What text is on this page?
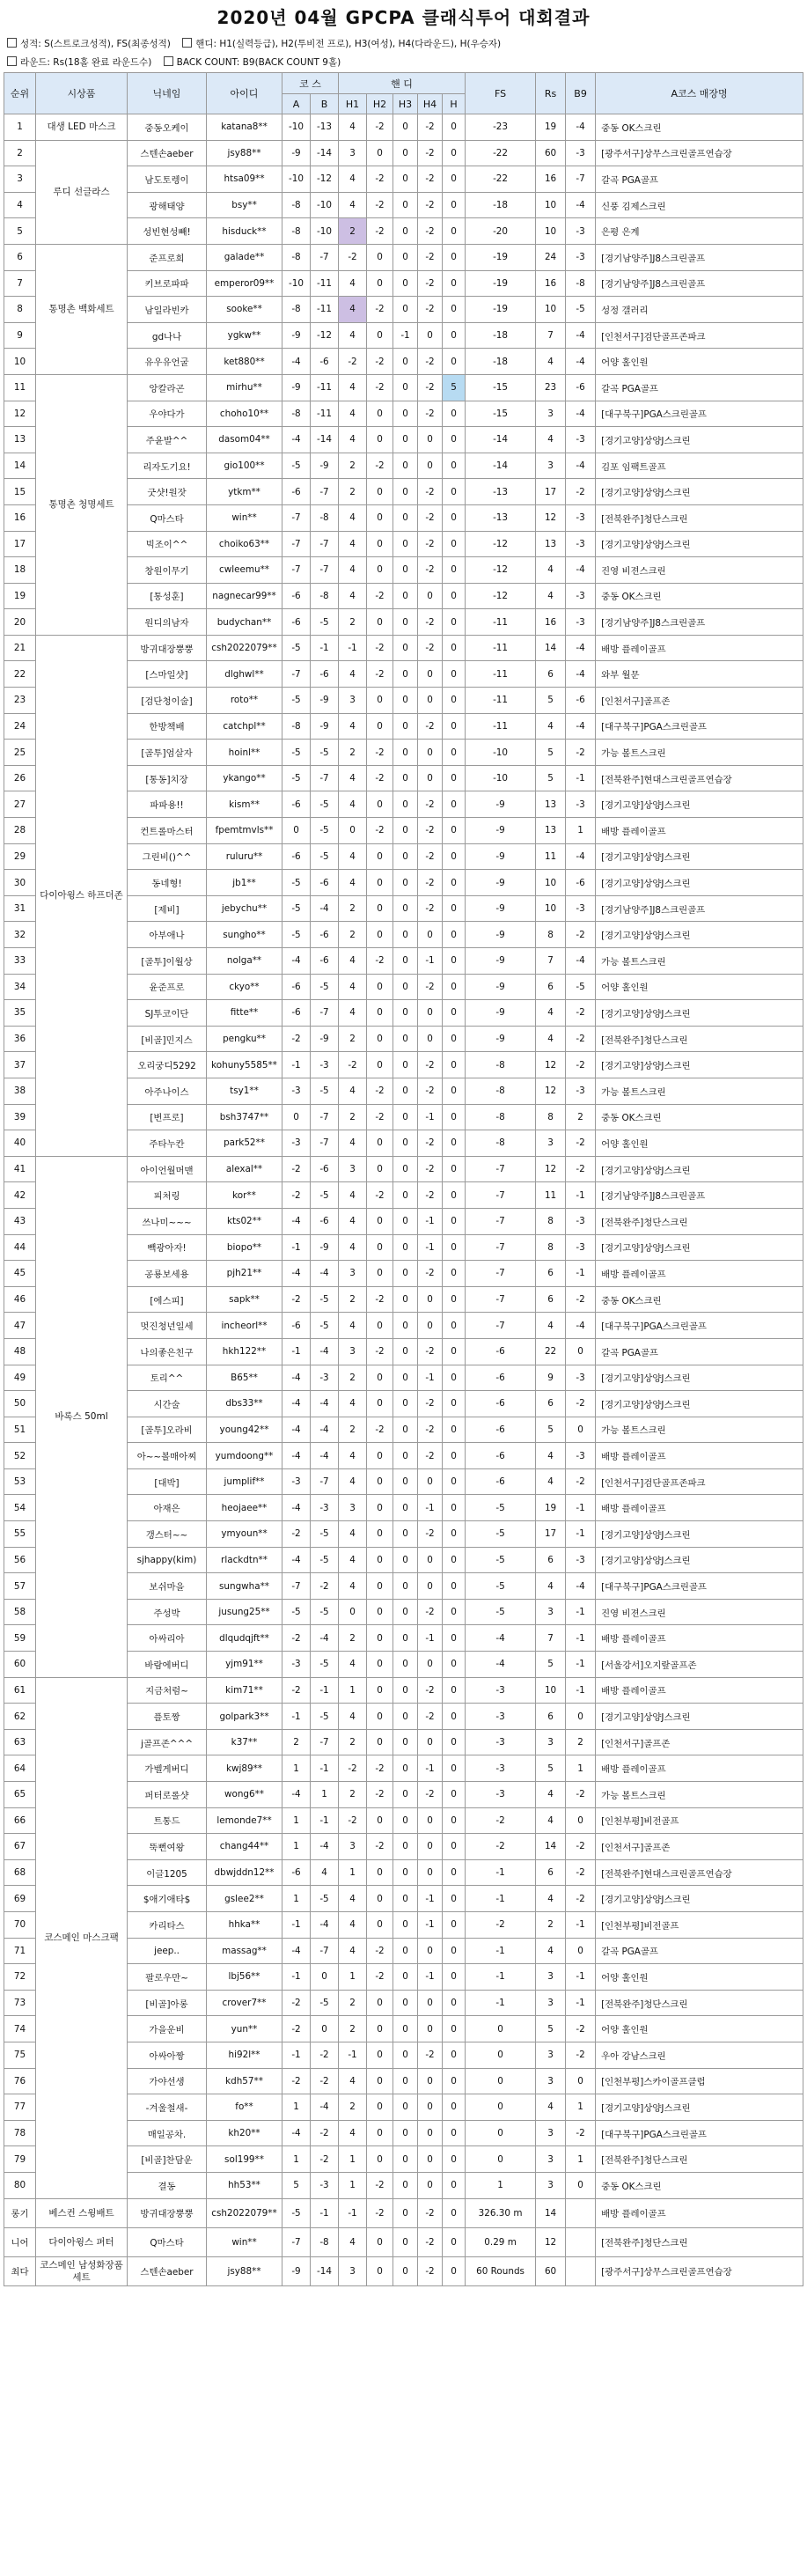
2020년 04월 GPCPA 클래식투어 대회결과
성적: S(스트로크성적), FS(최종성적)	핸디: H1(실력등급), H2(투비전 프로), H3(여성), H4(다라운드), H(우승자)
라운드: Rs(18홀 완료 라운드수)	BACK COUNT: B9(BACK COUNT 9홀)
순위	시상품	닉네임	아이디	코 스		핸 디					FS	Rs	B9	A코스 매장명
				A	B	H1	H2	H3	H4	H				
1	대생 LED 마스크	중동오케이	katana8**	-10	-13	4	-2	0	-2	0	-23	19	-4	중동 OK스크린
2	루디 선글라스	스텐손aeber	jsy88**	-9	-14	3	0	0	-2	0	-22	60	-3	[광주서구]상무스크린골프연습장
3		남도토렝이	htsa09**	-10	-12	4	-2	0	-2	0	-22	16	-7	갈곡 PGA골프
4		광해태양	bsy**	-8	-10	4	-2	0	-2	0	-18	10	-4	신풍 김제스크린
5		성빈현성빼!	hisduck**	-8	-10	2	-2	0	-2	0	-20	10	-3	은평 은계
6	통명촌 백화세트	준프로희	galade**	-8	-7	-2	0	0	-2	0	-19	24	-3	[경기남양주]J8스크린골프
7		키브로파파	emperor09**	-10	-11	4	0	0	-2	0	-19	16	-8	[경기남양주]J8스크린골프
8		남일라빈카	sooke**	-8	-11	4	-2	0	-2	0	-19	10	-5	성정 갤러리
9		gd나나	ygkw**	-9	-12	4	0	-1	0	0	-18	7	-4	[인천서구]검단골프존파크
10		유우유언굴	ket880**	-4	-6	-2	-2	0	-2	0	-18	4	-4	어양 홀인원
11	통명촌 청명세트	앙칼라곤	mirhu**	-9	-11	4	-2	0	-2	5	-15	23	-6	갈곡 PGA골프
12		우야다가	choho10**	-8	-11	4	0	0	-2	0	-15	3	-4	[대구북구]PGA스크린골프
13		주윤발^^	dasom04**	-4	-14	4	0	0	0	0	-14	4	-3	[경기고양]상양J스크린
14		리자도기요!	gio100**	-5	-9	2	-2	0	0	0	-14	3	-4	김포 임팩트골프
15		굿샷!원잣	ytkm**	-6	-7	2	0	0	-2	0	-13	17	-2	[경기고양]상양J스크린
16		Q마스타	win**	-7	-8	4	0	0	-2	0	-13	12	-3	[전북완주]청단스크린
17		빅조이^^	choiko63**	-7	-7	4	0	0	-2	0	-12	13	-3	[경기고양]상양J스크린
18		창원이무기	cwleemu**	-7	-7	4	0	0	-2	0	-12	4	-4	진영 비젼스크린
19		[통성훈]	nagnecar99**	-6	-8	4	-2	0	0	0	-12	4	-3	중동 OK스크린
20		원디의남자	budychan**	-6	-5	2	0	0	-2	0	-11	16	-3	[경기남양주]J8스크린골프
21	다이아윙스 하프더존	방귀대장뿡뿡	csh2022079**	-5	-1	-1	-2	0	-2	0	-11	14	-4	배방 플레이골프
22		[스마일샷]	dlghwl**	-7	-6	4	-2	0	0	0	-11	6	-4	와부 월문
23		[검단청이술]	roto**	-5	-9	3	0	0	0	0	-11	5	-6	[인천서구]골프존
24		한방책배	catchpl**	-8	-9	4	0	0	-2	0	-11	4	-4	[대구북구]PGA스크린골프
25		[골투]엄살자	hoinl**	-5	-5	2	-2	0	0	0	-10	5	-2	가능 볼트스크린
26		[통동]치장	ykango**	-5	-7	4	-2	0	0	0	-10	5	-1	[전북완주]현대스크린골프연습장
27		파파용!!	kism**	-6	-5	4	0	0	-2	0	-9	13	-3	[경기고양]상양J스크린
28		컨트롤마스터	fpemtmvls**	0	-5	0	-2	0	-2	0	-9	13	1	배방 플레이골프
29		그린비()^^	ruluru**	-6	-5	4	0	0	-2	0	-9	11	-4	[경기고양]상양J스크린
30		동네형!	jb1**	-5	-6	4	0	0	-2	0	-9	10	-6	[경기고양]상양J스크린
31		[제비]	jebychu**	-5	-4	2	0	0	-2	0	-9	10	-3	[경기남양주]J8스크린골프
32		아부애나	sungho**	-5	-6	2	0	0	0	0	-9	8	-2	[경기고양]상양J스크린
33		[골투]이월상	nolga**	-4	-6	4	-2	0	-1	0	-9	7	-4	가능 볼트스크린
34		윤준프로	ckyo**	-6	-5	4	0	0	-2	0	-9	6	-5	어양 홀인원
35		SJ투코이단	fitte**	-6	-7	4	0	0	0	0	-9	4	-2	[경기고양]상양J스크린
36		[비골]민지스	pengku**	-2	-9	2	0	0	0	0	-9	4	-2	[전북완주]청단스크린
37		오리궁디5292	kohuny5585**	-1	-3	-2	0	0	-2	0	-8	12	-2	[경기고양]상양J스크린
38		아주나이스	tsy1**	-3	-5	4	-2	0	-2	0	-8	12	-3	가능 볼트스크린
39		[변프로]	bsh3747**	0	-7	2	-2	0	-1	0	-8	8	2	중동 OK스크린
40		주타누칸	park52**	-3	-7	4	0	0	-2	0	-8	3	-2	어양 홀인원
41	바록스 50ml	아이언월머맨	alexal**	-2	-6	3	0	0	-2	0	-7	12	-2	[경기고양]상양J스크린
42		피처링	kor**	-2	-5	4	-2	0	-2	0	-7	11	-1	[경기남양주]J8스크린골프
43		쓰나미~~~	kts02**	-4	-6	4	0	0	-1	0	-7	8	-3	[전북완주]청단스크린
44		빽광아자!	biopo**	-1	-9	4	0	0	-1	0	-7	8	-3	[경기고양]상양J스크린
45		공룡보세용	pjh21**	-4	-4	3	0	0	-2	0	-7	6	-1	배방 플레이골프
46		[에스피]	sapk**	-2	-5	2	-2	0	0	0	-7	6	-2	중동 OK스크린
47		멋진청년일세	incheorl**	-6	-5	4	0	0	0	0	-7	4	-4	[대구북구]PGA스크린골프
48		나의좋은친구	hkh122**	-1	-4	3	-2	0	-2	0	-6	22	0	갈곡 PGA골프
49		토리^^	B65**	-4	-3	2	0	0	-1	0	-6	9	-3	[경기고양]상양J스크린
50		시간술	dbs33**	-4	-4	4	0	0	-2	0	-6	6	-2	[경기고양]상양J스크린
51		[골투]오라비	young42**	-4	-4	2	-2	0	-2	0	-6	5	0	가능 볼트스크린
52		아~~볼매아찌	yumdoong**	-4	-4	4	0	0	-2	0	-6	4	-3	배방 플레이골프
53		[대박]	jumplif**	-3	-7	4	0	0	0	0	-6	4	-2	[인천서구]검단골프존파크
54		아재은	heojaee**	-4	-3	3	0	0	-1	0	-5	19	-1	배방 플레이골프
55		갱스터~~	ymyoun**	-2	-5	4	0	0	-2	0	-5	17	-1	[경기고양]상양J스크린
56		sjhappy(kim)	rlackdtn**	-4	-5	4	0	0	0	0	-5	6	-3	[경기고양]상양J스크린
57		보쉬마을	sungwha**	-7	-2	4	0	0	0	0	-5	4	-4	[대구북구]PGA스크린골프
58		주성박	jusung25**	-5	-5	0	0	0	-2	0	-5	3	-1	진영 비젼스크린
59		아싸리아	dlqudqjft**	-2	-4	2	0	0	-1	0	-4	7	-1	배방 플레이골프
60		바람에버디	yjm91**	-3	-5	4	0	0	0	0	-4	5	-1	[서울강서]오지랖골프존
61	코스메인 마스크팩	지금처럼~	kim71**	-2	-1	1	0	0	-2	0	-3	10	-1	배방 플레이골프
62		플토짱	golpark3**	-1	-5	4	0	0	-2	0	-3	6	0	[경기고양]상양J스크린
63		j골프존^^^	k37**	2	-7	2	0	0	0	0	-3	3	2	[인천서구]골프존
64		가벨게버디	kwj89**	1	-1	-2	-2	0	-1	0	-3	5	1	배방 플레이골프
65		퍼터로롤샷	wong6**	-4	1	2	-2	0	-2	0	-3	4	-2	가능 볼트스크린
66		트통드	lemonde7**	1	-1	-2	0	0	0	0	-2	4	0	[인천부평]비전골프
67		뚝뻔여왕	chang44**	1	-4	3	-2	0	0	0	-2	14	-2	[인천서구]골프존
68		이글1205	dbwjddn12**	-6	4	1	0	0	0	0	-1	6	-2	[전북완주]현대스크린골프연습장
69		$애기애타$	gslee2**	1	-5	4	0	0	-1	0	-1	4	-2	[경기고양]상양J스크린
70		카리타스	hhka**	-1	-4	4	0	0	-1	0	-2	2	-1	[인천부평]비전골프
71		jeep..	massag**	-4	-7	4	-2	0	0	0	-1	4	0	갈곡 PGA골프
72		팔로우만~	lbj56**	-1	0	1	-2	0	-1	0	-1	3	-1	어양 홀인원
73		[비골]아롱	crover7**	-2	-5	2	0	0	0	0	-1	3	-1	[전북완주]청단스크린
74		가을운비	yun**	-2	0	2	0	0	0	0	0	5	-2	어양 홀인원
75		아싸아짱	hi92l**	-1	-2	-1	0	0	-2	0	0	3	-2	우아 강남스크린
76		가야선생	kdh57**	-2	-2	4	0	0	0	0	0	3	0	[인천부평]스카이골프클럽
77		-겨울철새-	fo**	1	-4	2	0	0	0	0	0	4	1	[경기고양]상양J스크린
78		매일공차.	kh20**	-4	-2	4	0	0	0	0	0	3	-2	[대구북구]PGA스크린골프
79		[비골]찬담운	sol199**	1	-2	1	0	0	0	0	0	3	1	[전북완주]청단스크린
80		결동	hh53**	5	-3	1	-2	0	0	0	1	3	0	중동 OK스크린
롱기	베스컨 스윙배트	방귀대장뿡뿡	csh2022079**	-5	-1	-1	-2	0	-2	0	326.30 m	14		배방 플레이골프
니어	다이아윙스 퍼터	Q마스타	win**	-7	-8	4	0	0	-2	0	0.29 m	12		[전북완주]청단스크린
최다	코스메인 남성화장품세트	스텐손aeber	jsy88**	-9	-14	3	0	0	-2	0	60 Rounds	60		[광주서구]상무스크린골프연습장
